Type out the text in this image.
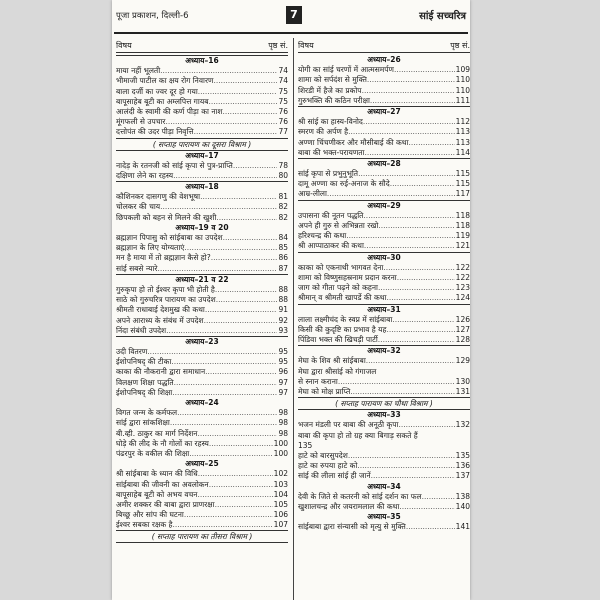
पूजा प्रकाशन, दिल्ली-6	7	सांई सच्चरित्र
विषय	पृष्ठ सं.
अध्याय–16
माया नहीं भूलती .....	74
भीमाजी पाटील का क्षय रोग निवारण .....	74
बाला दर्जी का ज्वर दूर हो गया .....	75
बापूसाहेब बूटी का अम्लपित्त गायब .....	75
आलंदी के स्वामी की कर्ण पीड़ा का नाश .....	76
मूंगफली से उपचार .....	76
दत्तोपंत की उदर पीड़ा निवृत्ति .....	77
( सप्ताह पारायण का दूसरा विश्राम )
अध्याय–17
नादेड़ के रतनजी को सांई कृपा से पुत्र-प्राप्ति .....	78
दक्षिणा लेने का रहस्य .....	80
अध्याय–18
कौशिनकर दासगणु की वेशभूषा .....	81
चोलकर की चाय .....	82
छिपकली को बहन से मिलने की खुशी .....	82
अध्याय–19 व 20
ब्रह्मज्ञान पिपासु को सांईबाबा का उपदेश .....	84
ब्रह्मज्ञान के लिए योग्यताएं .....	85
मन है माया में तो ब्रह्मज्ञान कैसे हो? .....	86
सांई सबसे न्यारे .....	87
अध्याय–21 व 22
गुरुकृपा हो तो ईश्वर कृपा भी होती है .....	88
साठे को गुरुचरित्र पारायण का उपदेश .....	88
श्रीमती राधाबाई देशमुख की कथा .....	91
अपने आराध्य के संबंध में उपदेश .....	92
निंदा संबंधी उपदेश .....	93
अध्याय–23
उदी वितरण .....	95
ईशोपनिषद् की टीका .....	95
काका की नौकरानी द्वारा समाधान .....	96
विलक्षण शिक्षा पद्धति .....	97
ईशोपनिषद् की शिक्षा .....	97
अध्याय–24
विगत जन्म के कर्मफल .....	98
सांई द्वारा सांकशिक्षा .....	98
बी.व्ही. ठाकुर का मार्ग निर्देशन .....	98
घोड़े की लीद के नौ गोलों का रहस्य .....	100
पंढरपुर के वकील की शिक्षा .....	100
अध्याय–25
श्री सांईबाबा के ध्यान की विधि .....	102
सांईबाबा की जीवनी का अवलोकन .....	103
बापूसाहेब बूटी को अभय वचन .....	104
अमीर शक्कर की बाबा द्वारा प्राणरक्षा .....	105
बिच्छू और सांप की घटना .....	106
ईश्वर सबका रक्षक है .....	107
( सप्ताह पारायण का तीसरा विश्राम )
विषय	पृष्ठ सं.
अध्याय–26
योगी का सांई चरणों में आत्मसमर्पण .....	109
शामा को सर्पदंश से मुक्ति .....	110
शिरडी में हैजे का प्रकोप .....	110
गुरुभक्ति की कठिन परीक्षा .....	111
अध्याय–27
श्री सांई का हास्य-विनोद .....	112
स्मरण की अर्पण है .....	113
अण्णा चिंचणीकर और मौसीबाई की कथा .....	113
बाबा की भक्त-परायणता .....	114
अध्याय–28
सांई कृपा से प्रभुनुभूति .....	115
दामू अण्णा का रुई-अनाज के सौदे .....	115
आम्र-लीला .....	117
अध्याय–29
उपासना की नूतन पद्धति .....	118
अपने ही गुरु से अभिन्नता रखो .....	118
हरिश्चन्द्र की कथा .....	119
श्री आप्पाठाकर की कथा .....	121
अध्याय–30
काका को एकनाथी भागवत देना .....	122
शामा को विष्णुसहस्रनाम प्रदान करना .....	122
जाग को गीता पढ़ने को कहना .....	123
श्रीमान् व श्रीमती खापर्डे की कथा .....	124
अध्याय–31
लाला लक्ष्मीचंद के स्वप्न में सांईबाबा .....	126
किसी की कुदृष्टि का प्रभाव है यह .....	127
पिंडिवा भक्त की खिचड़ी पार्टी .....	128
अध्याय–32
मेघा के शिव श्री सांईबाबा .....	129
मेघा द्वारा श्रीसांई को गंगाजल
से स्नान कराना .....	130
मेघा को मोक्ष प्राप्ति .....	131
( सप्ताह पारायण का चौथा विश्राम )
अध्याय–33
भजन मंडली पर बाबा की अनूठी कृपा .....	132
बाबा की कृपा हो तो ग्रह क्या बिगाड़ सकते हैं
135
हाटे को बारसुपदेश .....	135
हाटे का रुपया हाटे को .....	136
सांई की लीला सांई ही जानें .....	137
अध्याय–34
देवी के जिते से कतरनी को सांई दर्शन का फल .....	138
खुशालचन्द्र और जयरामलाल की कथा .....	140
अध्याय–35
सांईबाबा द्वारा संन्यासी को मृत्यु से मुक्ति .....	141
